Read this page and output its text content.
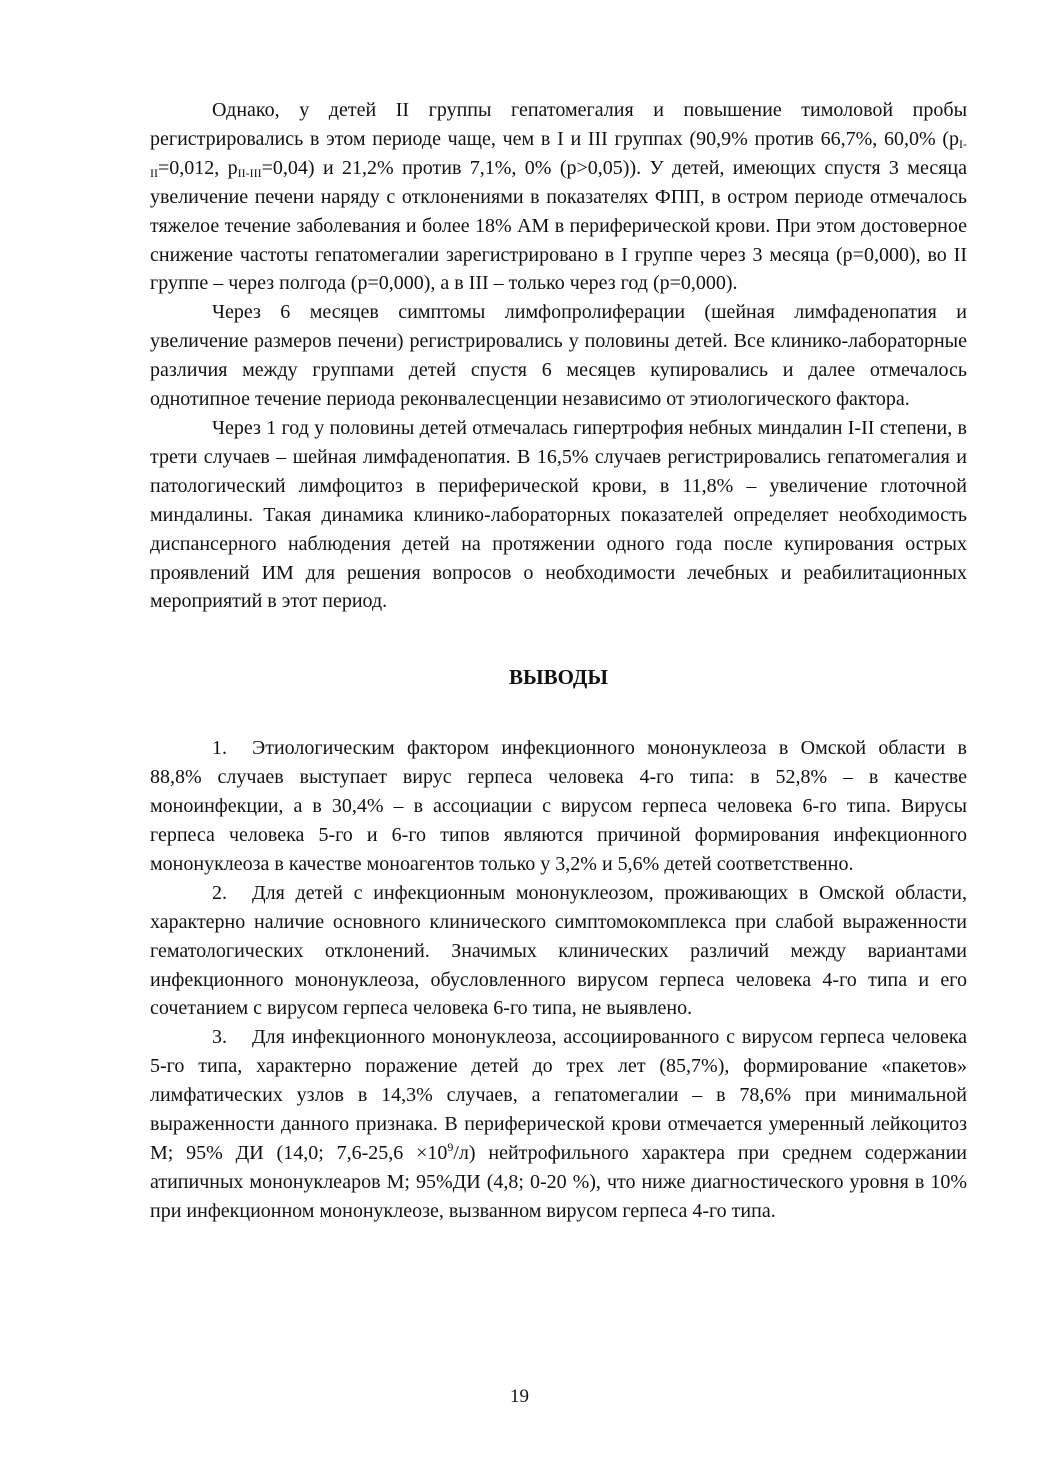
Однако, у детей II группы гепатомегалия и повышение тимоловой пробы регистрировались в этом периоде чаще, чем в I и III группах (90,9% против 66,7%, 60,0% ($p_{I-II}=0,012$, $p_{II-III}=0,04$) и 21,2% против 7,1%, 0% (p>0,05)). У детей, имеющих спустя 3 месяца увеличение печени наряду с отклонениями в показателях ФПП, в остром периоде отмечалось тяжелое течение заболевания и более 18% АМ в периферической крови. При этом достоверное снижение частоты гепатомегалии зарегистрировано в I группе через 3 месяца (p=0,000), во II группе – через полгода (p=0,000), а в III – только через год (p=0,000).

Через 6 месяцев симптомы лимфопролиферации (шейная лимфаденопатия и увеличение размеров печени) регистрировались у половины детей. Все клинико-лабораторные различия между группами детей спустя 6 месяцев купировались и далее отмечалось однотипное течение периода реконвалесценции независимо от этиологического фактора.

Через 1 год у половины детей отмечалась гипертрофия небных миндалин I-II степени, в трети случаев – шейная лимфаденопатия. В 16,5% случаев регистрировались гепатомегалия и патологический лимфоцитоз в периферической крови, в 11,8% – увеличение глоточной миндалины. Такая динамика клинико-лабораторных показателей определяет необходимость диспансерного наблюдения детей на протяжении одного года после купирования острых проявлений ИМ для решения вопросов о необходимости лечебных и реабилитационных мероприятий в этот период.

ВЫВОДЫ

1. Этиологическим фактором инфекционного мононуклеоза в Омской области в 88,8% случаев выступает вирус герпеса человека 4-го типа: в 52,8% – в качестве моноинфекции, а в 30,4% – в ассоциации с вирусом герпеса человека 6-го типа. Вирусы герпеса человека 5-го и 6-го типов являются причиной формирования инфекционного мононуклеоза в качестве моноагентов только у 3,2% и 5,6% детей соответственно.

2. Для детей с инфекционным мононуклеозом, проживающих в Омской области, характерно наличие основного клинического симптомокомплекса при слабой выраженности гематологических отклонений. Значимых клинических различий между вариантами инфекционного мононуклеоза, обусловленного вирусом герпеса человека 4-го типа и его сочетанием с вирусом герпеса человека 6-го типа, не выявлено.

3. Для инфекционного мононуклеоза, ассоциированного с вирусом герпеса человека 5-го типа, характерно поражение детей до трех лет (85,7%), формирование «пакетов» лимфатических узлов в 14,3% случаев, а гепатомегалии – в 78,6% при минимальной выраженности данного признака. В периферической крови отмечается умеренный лейкоцитоз M; 95% ДИ (14,0; $7,6-25,6 \times 10^9/л$) нейтрофильного характера при среднем содержании атипичных мононуклеаров M; 95%ДИ (4,8; 0-20 %), что ниже диагностического уровня в 10% при инфекционном мононуклеозе, вызванном вирусом герпеса 4-го типа.

19
